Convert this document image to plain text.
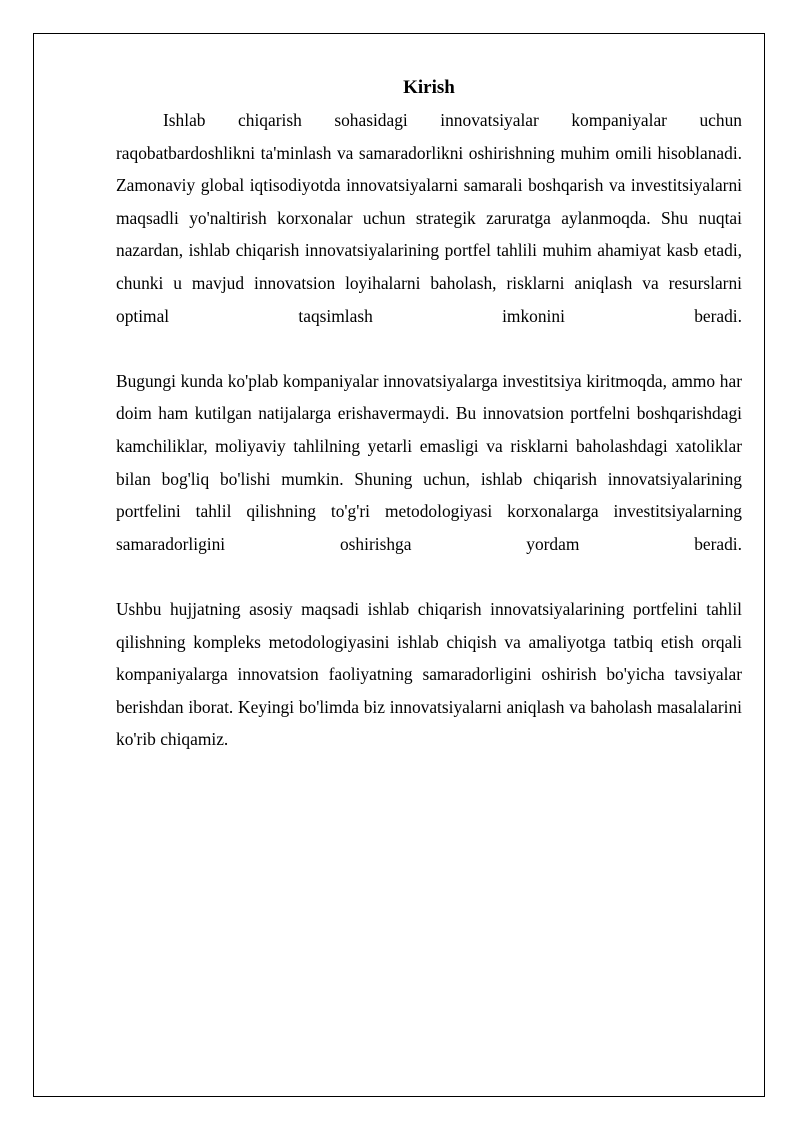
Kirish

Ishlab chiqarish sohasidagi innovatsiyalar kompaniyalar uchun raqobatbardoshlikni ta'minlash va samaradorlikni oshirishning muhim omili hisoblanadi. Zamonaviy global iqtisodiyotda innovatsiyalarni samarali boshqarish va investitsiyalarni maqsadli yo'naltirish korxonalar uchun strategik zaruratga aylanmoqda. Shu nuqtai nazardan, ishlab chiqarish innovatsiyalarining portfel tahlili muhim ahamiyat kasb etadi, chunki u mavjud innovatsion loyihalarni baholash, risklarni aniqlash va resurslarni optimal taqsimlash imkonini beradi.

Bugungi kunda ko'plab kompaniyalar innovatsiyalarga investitsiya kiritmoqda, ammo har doim ham kutilgan natijalarga erishavermaydi. Bu innovatsion portfelni boshqarishdagi kamchiliklar, moliyaviy tahlilning yetarli emasligi va risklarni baholashdagi xatoliklar bilan bog'liq bo'lishi mumkin. Shuning uchun, ishlab chiqarish innovatsiyalarining portfelini tahlil qilishning to'g'ri metodologiyasi korxonalarga investitsiyalarning samaradorligini oshirishga yordam beradi.

Ushbu hujjatning asosiy maqsadi ishlab chiqarish innovatsiyalarining portfelini tahlil qilishning kompleks metodologiyasini ishlab chiqish va amaliyotga tatbiq etish orqali kompaniyalarga innovatsion faoliyatning samaradorligini oshirish bo'yicha tavsiyalar berishdan iborat. Keyingi bo'limda biz innovatsiyalarni aniqlash va baholash masalalarini ko'rib chiqamiz.
